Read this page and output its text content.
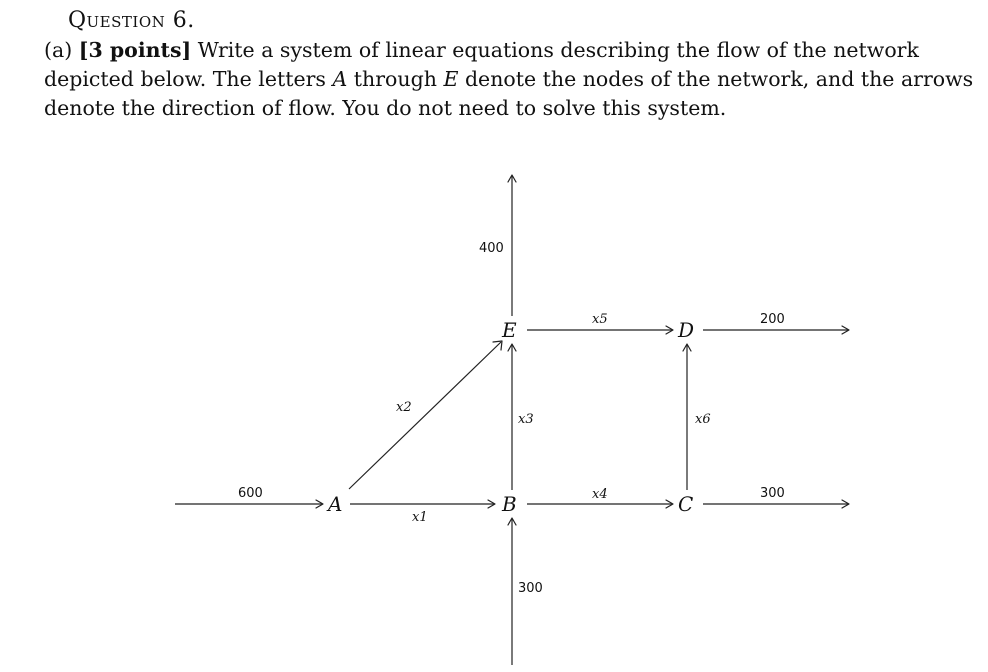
Question 6.
(a) [3 points] Write a system of linear equations describing the flow of the network depicted below. The letters A through E denote the nodes of the network, and the arrows denote the direction of flow. You do not need to solve this system.
A	B	C
D
E
600
400
300
200
300
x1
x2
x3
x4
x5
x6
